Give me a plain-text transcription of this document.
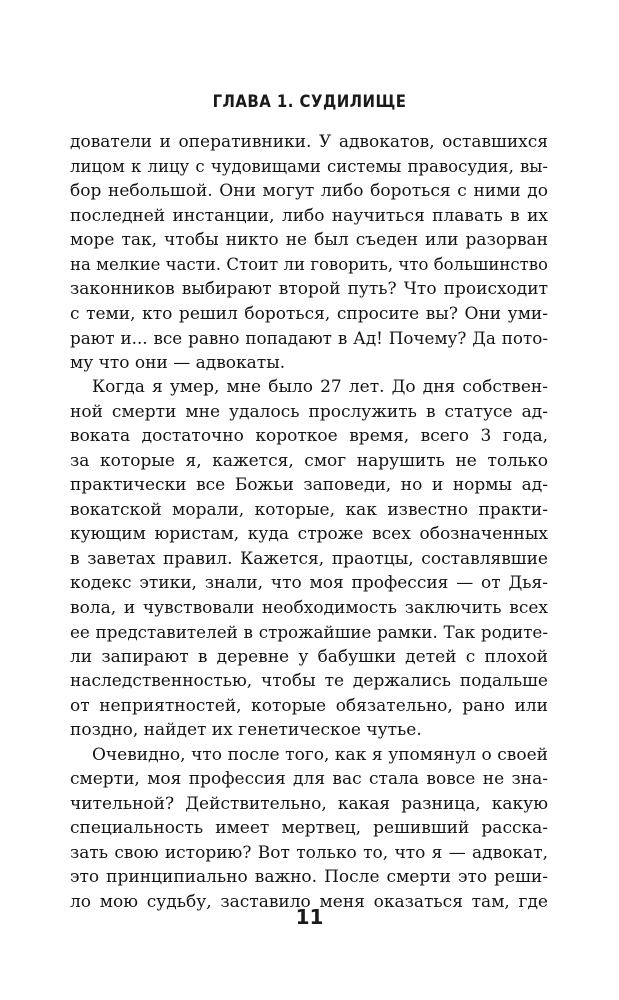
ГЛАВА 1. СУДИЛИЩЕ
дователи и оперативники. У адвокатов, оставшихся
лицом к лицу с чудовищами системы правосудия, вы-
бор небольшой. Они могут либо бороться с ними до
последней инстанции, либо научиться плавать в их
море так, чтобы никто не был съеден или разорван
на мелкие части. Стоит ли говорить, что большинство
законников выбирают второй путь? Что происходит
с теми, кто решил бороться, спросите вы? Они уми-
рают и... все равно попадают в Ад! Почему? Да пото-
му что они — адвокаты.
Когда я умер, мне было 27 лет. До дня собствен-
ной смерти мне удалось прослужить в статусе ад-
воката достаточно короткое время, всего 3 года,
за которые я, кажется, смог нарушить не только
практически все Божьи заповеди, но и нормы ад-
вокатской морали, которые, как известно практи-
кующим юристам, куда строже всех обозначенных
в заветах правил. Кажется, праотцы, составлявшие
кодекс этики, знали, что моя профессия — от Дья-
вола, и чувствовали необходимость заключить всех
ее представителей в строжайшие рамки. Так родите-
ли запирают в деревне у бабушки детей с плохой
наследственностью, чтобы те держались подальше
от неприятностей, которые обязательно, рано или
поздно, найдет их генетическое чутье.
Очевидно, что после того, как я упомянул о своей
смерти, моя профессия для вас стала вовсе не зна-
чительной? Действительно, какая разница, какую
специальность имеет мертвец, решивший расска-
зать свою историю? Вот только то, что я — адвокат,
это принципиально важно. После смерти это реши-
ло мою судьбу, заставило меня оказаться там, где
11
